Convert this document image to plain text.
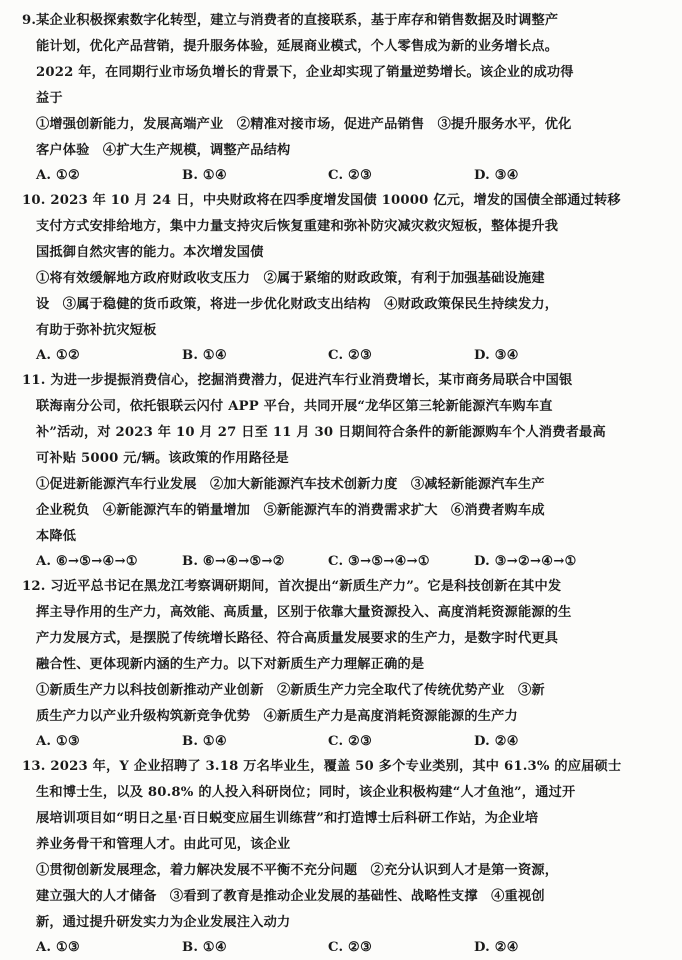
9.某企业积极探索数字化转型，建立与消费者的直接联系，基于库存和销售数据及时调整产
能计划，优化产品营销，提升服务体验，延展商业模式，个人零售成为新的业务增长点。
2022 年，在同期行业市场负增长的背景下，企业却实现了销量逆势增长。该企业的成功得
益于
①增强创新能力，发展高端产业　②精准对接市场，促进产品销售　③提升服务水平，优化
客户体验　④扩大生产规模，调整产品结构
A. ①②	B. ①④	C. ②③	D. ③④
10. 2023 年 10 月 24 日，中央财政将在四季度增发国债 10000 亿元，增发的国债全部通过转移
支付方式安排给地方，集中力量支持灾后恢复重建和弥补防灾减灾救灾短板，整体提升我
国抵御自然灾害的能力。本次增发国债
①将有效缓解地方政府财政收支压力　②属于紧缩的财政政策，有利于加强基础设施建
设　③属于稳健的货币政策，将进一步优化财政支出结构　④财政政策保民生持续发力，
有助于弥补抗灾短板
A. ①②	B. ①④	C. ②③	D. ③④
11. 为进一步提振消费信心，挖掘消费潜力，促进汽车行业消费增长，某市商务局联合中国银
联海南分公司，依托银联云闪付 APP 平台，共同开展“龙华区第三轮新能源汽车购车直
补”活动，对 2023 年 10 月 27 日至 11 月 30 日期间符合条件的新能源购车个人消费者最高
可补贴 5000 元/辆。该政策的作用路径是
①促进新能源汽车行业发展　②加大新能源汽车技术创新力度　③减轻新能源汽车生产
企业税负　④新能源汽车的销量增加　⑤新能源汽车的消费需求扩大　⑥消费者购车成
本降低
A. ⑥→⑤→④→①	B. ⑥→④→⑤→②	C. ③→⑤→④→①	D. ③→②→④→①
12. 习近平总书记在黑龙江考察调研期间，首次提出“新质生产力”。它是科技创新在其中发
挥主导作用的生产力，高效能、高质量，区别于依靠大量资源投入、高度消耗资源能源的生
产力发展方式，是摆脱了传统增长路径、符合高质量发展要求的生产力，是数字时代更具
融合性、更体现新内涵的生产力。以下对新质生产力理解正确的是
①新质生产力以科技创新推动产业创新　②新质生产力完全取代了传统优势产业　③新
质生产力以产业升级构筑新竞争优势　④新质生产力是高度消耗资源能源的生产力
A. ①③	B. ①④	C. ②③	D. ②④
13. 2023 年，Y 企业招聘了 3.18 万名毕业生，覆盖 50 多个专业类别，其中 61.3% 的应届硕士
生和博士生，以及 80.8% 的人投入科研岗位；同时，该企业积极构建“人才鱼池”，通过开
展培训项目如“明日之星·百日蜕变应届生训练营”和打造博士后科研工作站，为企业培
养业务骨干和管理人才。由此可见，该企业
①贯彻创新发展理念，着力解决发展不平衡不充分问题　②充分认识到人才是第一资源，
建立强大的人才储备　③看到了教育是推动企业发展的基础性、战略性支撑　④重视创
新，通过提升研发实力为企业发展注入动力
A. ①③	B. ①④	C. ②③	D. ②④
